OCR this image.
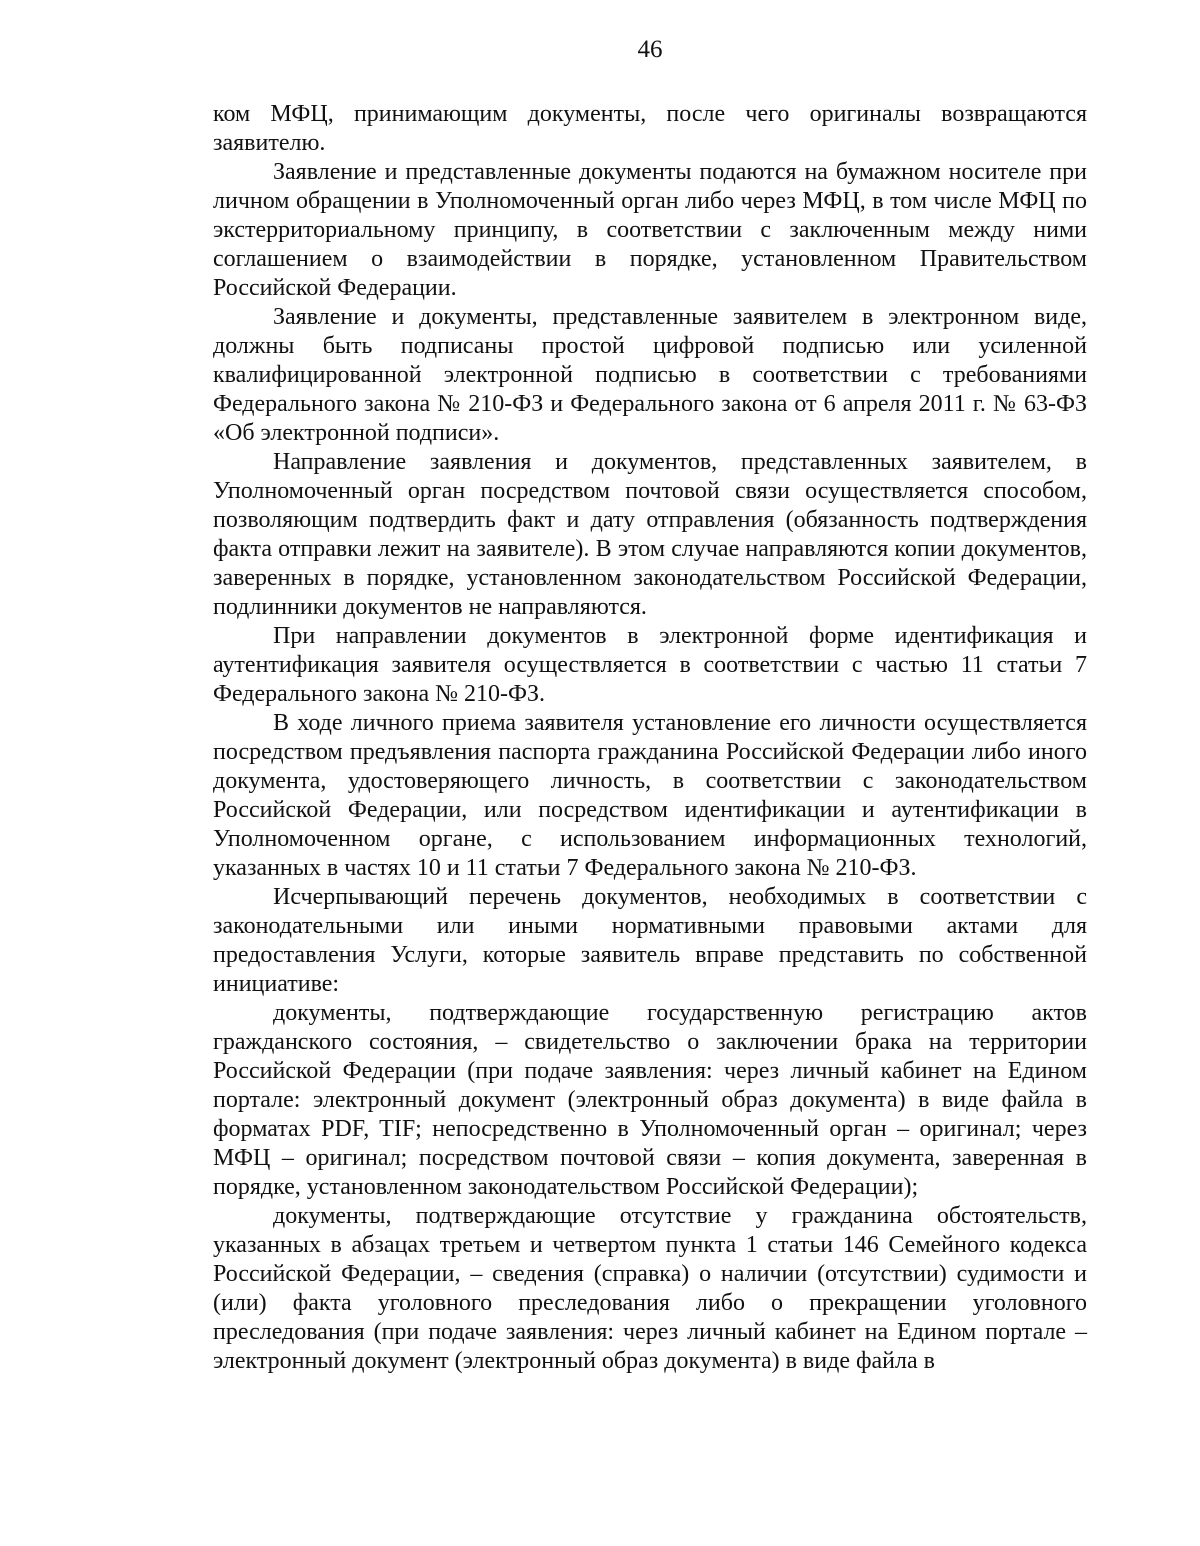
46

ком МФЦ, принимающим документы, после чего оригиналы возвращаются заявителю.

Заявление и представленные документы подаются на бумажном носителе при личном обращении в Уполномоченный орган либо через МФЦ, в том числе МФЦ по экстерриториальному принципу, в соответствии с заключенным между ними соглашением о взаимодействии в порядке, установленном Правительством Российской Федерации.

Заявление и документы, представленные заявителем в электронном виде, должны быть подписаны простой цифровой подписью или усиленной квалифицированной электронной подписью в соответствии с требованиями Федерального закона № 210-ФЗ и Федерального закона от 6 апреля 2011 г. № 63-ФЗ «Об электронной подписи».

Направление заявления и документов, представленных заявителем, в Уполномоченный орган посредством почтовой связи осуществляется способом, позволяющим подтвердить факт и дату отправления (обязанность подтверждения факта отправки лежит на заявителе). В этом случае направляются копии документов, заверенных в порядке, установленном законодательством Российской Федерации, подлинники документов не направляются.

При направлении документов в электронной форме идентификация и аутентификация заявителя осуществляется в соответствии с частью 11 статьи 7 Федерального закона № 210-ФЗ.

В ходе личного приема заявителя установление его личности осуществляется посредством предъявления паспорта гражданина Российской Федерации либо иного документа, удостоверяющего личность, в соответствии с законодательством Российской Федерации, или посредством идентификации и аутентификации в Уполномоченном органе, с использованием информационных технологий, указанных в частях 10 и 11 статьи 7 Федерального закона № 210-ФЗ.

Исчерпывающий перечень документов, необходимых в соответствии с законодательными или иными нормативными правовыми актами для предоставления Услуги, которые заявитель вправе представить по собственной инициативе:

документы, подтверждающие государственную регистрацию актов гражданского состояния, – свидетельство о заключении брака на территории Российской Федерации (при подаче заявления: через личный кабинет на Едином портале: электронный документ (электронный образ документа) в виде файла в форматах PDF, TIF; непосредственно в Уполномоченный орган – оригинал; через МФЦ – оригинал; посредством почтовой связи – копия документа, заверенная в порядке, установленном законодательством Российской Федерации);

документы, подтверждающие отсутствие у гражданина обстоятельств, указанных в абзацах третьем и четвертом пункта 1 статьи 146 Семейного кодекса Российской Федерации, – сведения (справка) о наличии (отсутствии) судимости и (или) факта уголовного преследования либо о прекращении уголовного преследования (при подаче заявления: через личный кабинет на Едином портале – электронный документ (электронный образ документа) в виде файла в
